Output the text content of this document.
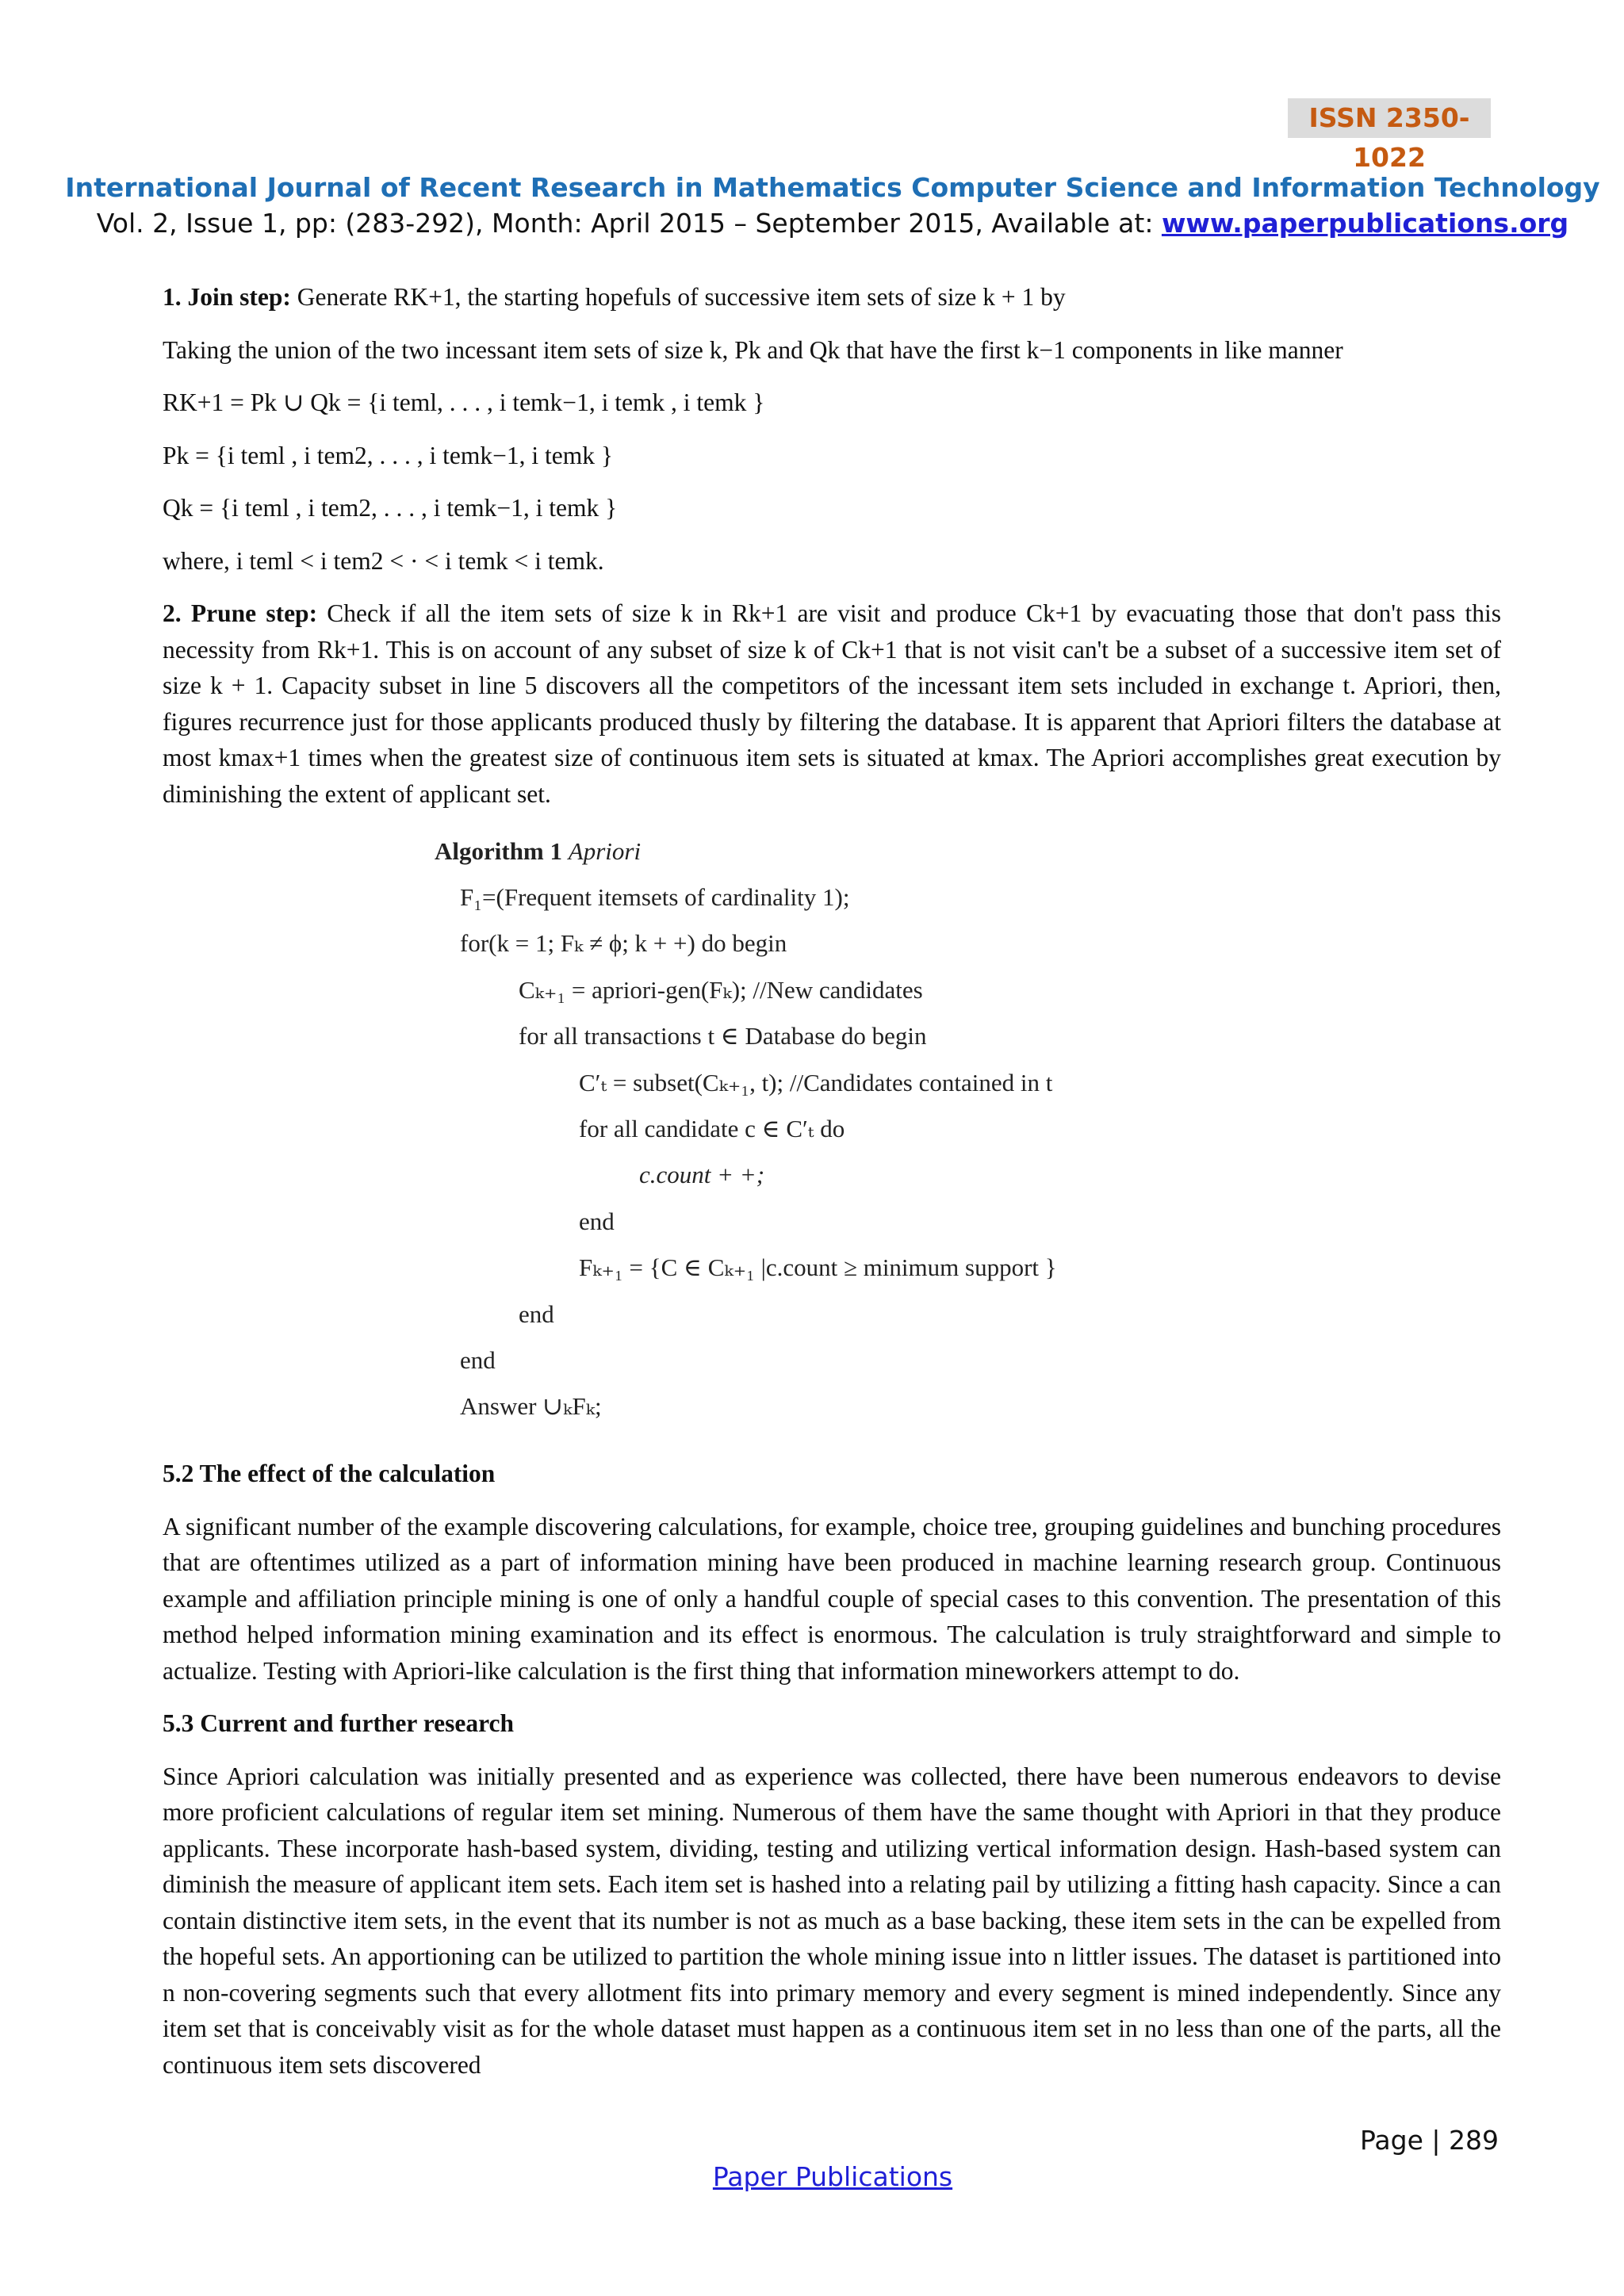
ISSN 2350-1022
International Journal of Recent Research in Mathematics Computer Science and Information Technology
Vol. 2, Issue 1, pp: (283-292), Month: April 2015 – September 2015, Available at: www.paperpublications.org

1. Join step: Generate RK+1, the starting hopefuls of successive item sets of size k + 1 by

Taking the union of the two incessant item sets of size k, Pk and Qk that have the first k−1 components in like manner

RK+1 = Pk ∪ Qk = {i teml, . . . , i temk−1, i temk , i temk }

Pk = {i teml , i tem2, . . . , i temk−1, i temk }

Qk = {i teml , i tem2, . . . , i temk−1, i temk }

where, i teml < i tem2 < · < i temk < i temk.

2. Prune step: Check if all the item sets of size k in Rk+1 are visit and produce Ck+1 by evacuating those that don't pass this necessity from Rk+1. This is on account of any subset of size k of Ck+1 that is not visit can't be a subset of a successive item set of size k + 1. Capacity subset in line 5 discovers all the competitors of the incessant item sets included in exchange t. Apriori, then, figures recurrence just for those applicants produced thusly by filtering the database. It is apparent that Apriori filters the database at most kmax+1 times when the greatest size of continuous item sets is situated at kmax. The Apriori accomplishes great execution by diminishing the extent of applicant set.

Algorithm 1 Apriori
F₁=(Frequent itemsets of cardinality 1);
for(k = 1; Fₖ ≠ ϕ; k + +) do begin
Cₖ₊₁ = apriori-gen(Fₖ); //New candidates
for all transactions t ∈ Database do begin
C′ₜ = subset(Cₖ₊₁, t); //Candidates contained in t
for all candidate c ∈ C′ₜ do
c.count + +;
end
Fₖ₊₁ = {C ∈ Cₖ₊₁ |c.count ≥ minimum support }
end
end
Answer ∪ₖFₖ;

5.2 The effect of the calculation

A significant number of the example discovering calculations, for example, choice tree, grouping guidelines and bunching procedures that are oftentimes utilized as a part of information mining have been produced in machine learning research group. Continuous example and affiliation principle mining is one of only a handful couple of special cases to this convention. The presentation of this method helped information mining examination and its effect is enormous. The calculation is truly straightforward and simple to actualize. Testing with Apriori-like calculation is the first thing that information mineworkers attempt to do.

5.3 Current and further research

Since Apriori calculation was initially presented and as experience was collected, there have been numerous endeavors to devise more proficient calculations of regular item set mining. Numerous of them have the same thought with Apriori in that they produce applicants. These incorporate hash-based system, dividing, testing and utilizing vertical information design. Hash-based system can diminish the measure of applicant item sets. Each item set is hashed into a relating pail by utilizing a fitting hash capacity. Since a can contain distinctive item sets, in the event that its number is not as much as a base backing, these item sets in the can be expelled from the hopeful sets. An apportioning can be utilized to partition the whole mining issue into n littler issues. The dataset is partitioned into n non-covering segments such that every allotment fits into primary memory and every segment is mined independently. Since any item set that is conceivably visit as for the whole dataset must happen as a continuous item set in no less than one of the parts, all the continuous item sets discovered

Page | 289
Paper Publications
